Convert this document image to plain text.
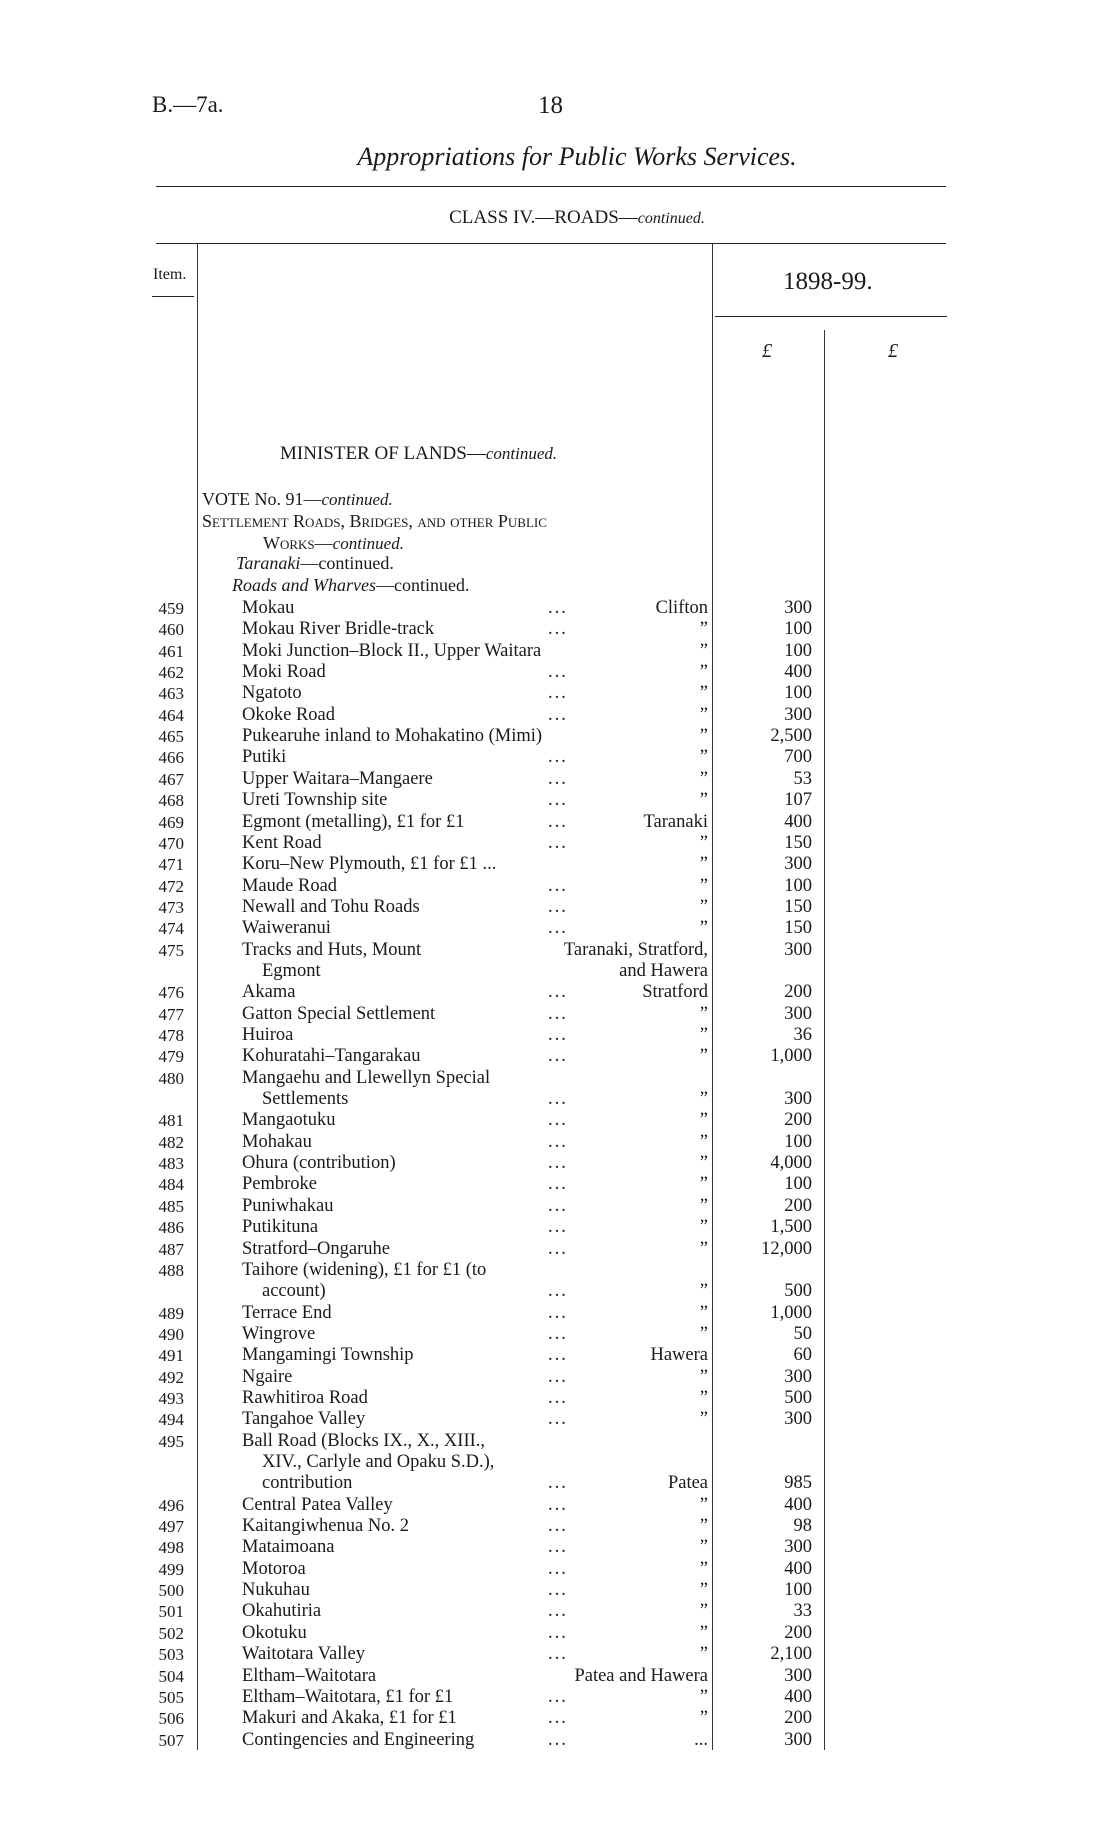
B.—7a.	18
Appropriations for Public Works Services.
CLASS IV.—ROADS—continued.
Item.	1898-99.
£	£
MINISTER OF LANDS—continued.
VOTE No. 91—continued.
Settlement Roads, Bridges, and other Public
Works—continued.
Taranaki—continued.
Roads and Wharves—continued.
459	Mokau	...	Clifton	300
460	Mokau River Bridle-track	...	”	100
461	Moki Junction–Block II., Upper Waitara	”	100
462	Moki Road	...	”	400
463	Ngatoto	...	”	100
464	Okoke Road	...	”	300
465	Pukearuhe inland to Mohakatino (Mimi)	”	2,500
466	Putiki	...	”	700
467	Upper Waitara–Mangaere	...	”	53
468	Ureti Township site	...	”	107
469	Egmont (metalling), £1 for £1	...	Taranaki	400
470	Kent Road	...	”	150
471	Koru–New Plymouth, £1 for £1 ...	”	300
472	Maude Road	...	”	100
473	Newall and Tohu Roads	...	”	150
474	Waiweranui	...	”	150
475	Tracks and Huts, Mount	Taranaki, Stratford,	300
Egmont	and Hawera
476	Akama	...	Stratford	200
477	Gatton Special Settlement	...	”	300
478	Huiroa	...	”	36
479	Kohuratahi–Tangarakau	...	”	1,000
480	Mangaehu and Llewellyn Special
Settlements	...	”	300
481	Mangaotuku	...	”	200
482	Mohakau	...	”	100
483	Ohura (contribution)	...	”	4,000
484	Pembroke	...	”	100
485	Puniwhakau	...	”	200
486	Putikituna	...	”	1,500
487	Stratford–Ongaruhe	...	”	12,000
488	Taihore (widening), £1 for £1 (to
account)	...	”	500
489	Terrace End	...	”	1,000
490	Wingrove	...	”	50
491	Mangamingi Township	...	Hawera	60
492	Ngaire	...	”	300
493	Rawhitiroa Road	...	”	500
494	Tangahoe Valley	...	”	300
495	Ball Road (Blocks IX., X., XIII.,
XIV., Carlyle and Opaku S.D.),
contribution	...	Patea	985
496	Central Patea Valley	...	”	400
497	Kaitangiwhenua No. 2	...	”	98
498	Mataimoana	...	”	300
499	Motoroa	...	”	400
500	Nukuhau	...	”	100
501	Okahutiria	...	”	33
502	Okotuku	...	”	200
503	Waitotara Valley	...	”	2,100
504	Eltham–Waitotara	Patea and Hawera	300
505	Eltham–Waitotara, £1 for £1	...	”	400
506	Makuri and Akaka, £1 for £1	...	”	200
507	Contingencies and Engineering	...	...	300
